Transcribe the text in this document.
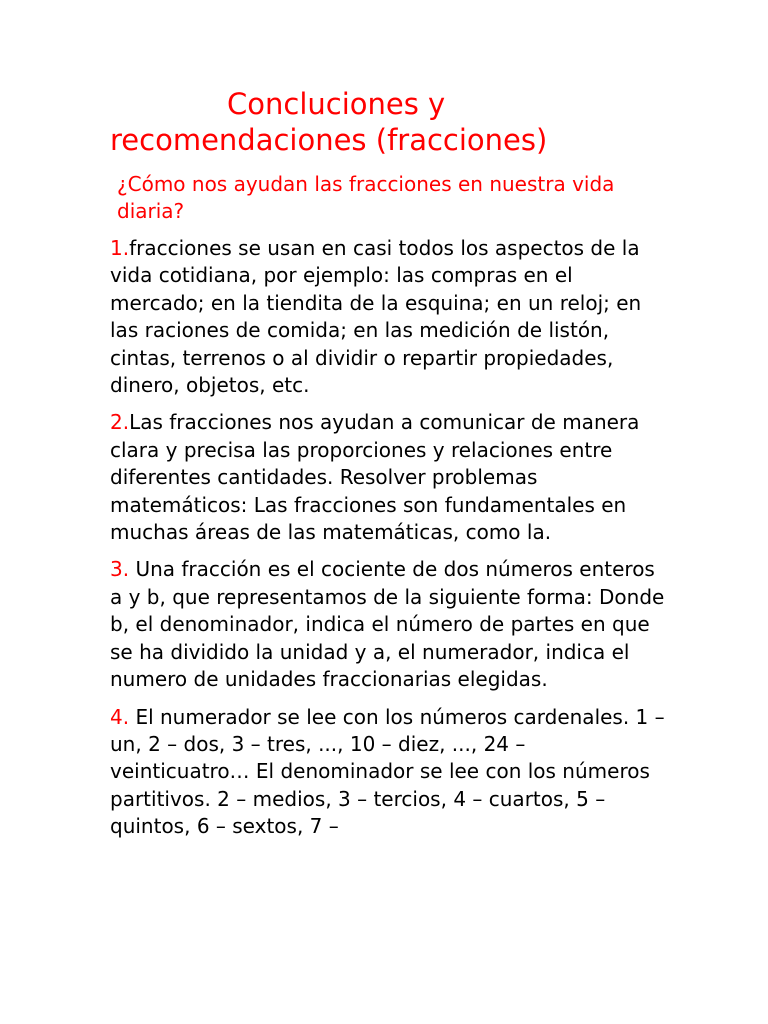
Concluciones y
recomendaciones (fracciones)

¿Cómo nos ayudan las fracciones en nuestra vida diaria?

1.fracciones se usan en casi todos los aspectos de la vida cotidiana, por ejemplo: las compras en el mercado; en la tiendita de la esquina; en un reloj; en las raciones de comida; en las medición de listón, cintas, terrenos o al dividir o repartir propiedades, dinero, objetos, etc.

2.Las fracciones nos ayudan a comunicar de manera clara y precisa las proporciones y relaciones entre diferentes cantidades. Resolver problemas matemáticos: Las fracciones son fundamentales en muchas áreas de las matemáticas, como la.

3. Una fracción es el cociente de dos números enteros a y b, que representamos de la siguiente forma: Donde b, el denominador, indica el número de partes en que se ha dividido la unidad y a, el numerador, indica el numero de unidades fraccionarias elegidas.

4. El numerador se lee con los números cardenales. 1 – un, 2 – dos, 3 – tres, ..., 10 – diez, ..., 24 – veinticuatro… El denominador se lee con los números partitivos. 2 – medios, 3 – tercios, 4 – cuartos, 5 – quintos, 6 – sextos, 7 –
